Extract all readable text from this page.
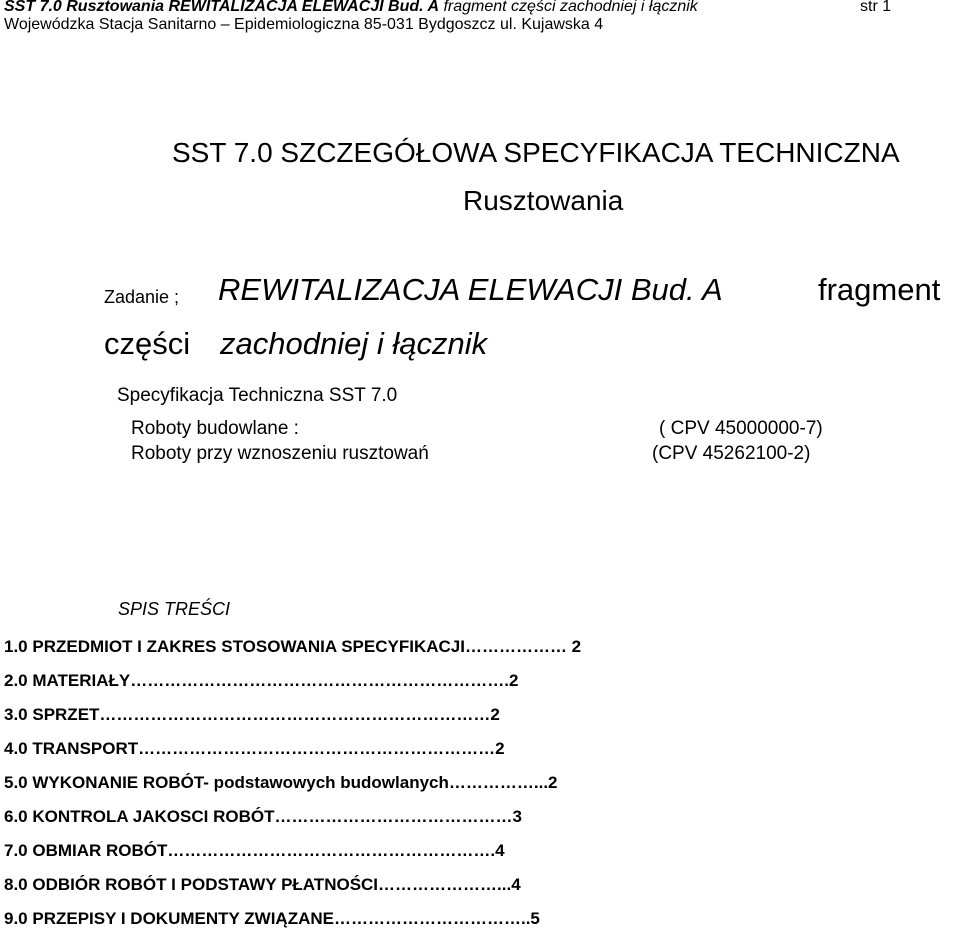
SST 7.0 Rusztowania REWITALIZACJA ELEWACJI Bud. A fragment części zachodniej i łącznik	str 1
Wojewódzka Stacja Sanitarno – Epidemiologiczna 85-031 Bydgoszcz ul. Kujawska 4
SST 7.0 SZCZEGÓŁOWA SPECYFIKACJA TECHNICZNA
Rusztowania
Zadanie ; REWITALIZACJA ELEWACJI Bud. A	fragment
części zachodniej i łącznik
Specyfikacja Techniczna SST 7.0
Roboty budowlane :	( CPV 45000000-7)
Roboty przy wznoszeniu rusztowań	(CPV 45262100-2)
SPIS TREŚCI
1.0 PRZEDMIOT I ZAKRES STOSOWANIA SPECYFIKACJI……………… 2
2.0 MATERIAŁY………………………………………………………….2
3.0 SPRZET……………………………………………………………2
4.0 TRANSPORT………………………………………………………2
5.0 WYKONANIE ROBÓT- podstawowych budowlanych……………...2
6.0 KONTROLA JAKOSCI ROBÓT……………………………………3
7.0 OBMIAR ROBÓT………………………………………………….4
8.0 ODBIÓR ROBÓT I PODSTAWY PŁATNOŚCI…………………...4
9.0 PRZEPISY I DOKUMENTY ZWIĄZANE……………………………..5
